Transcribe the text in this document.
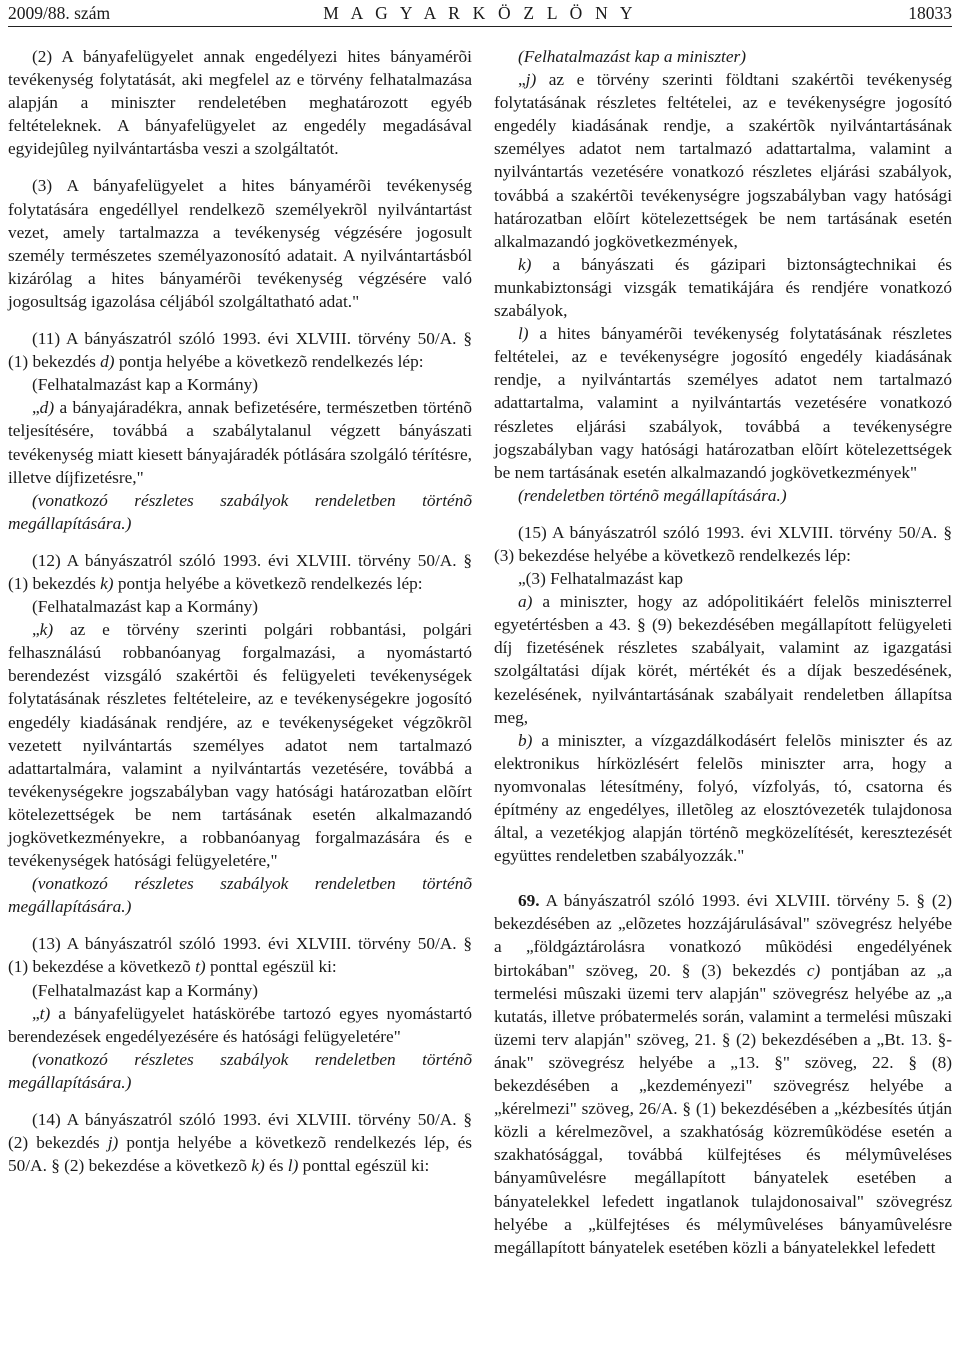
2009/88. szám	M A G Y A R K Ö Z L Ö N Y	18033

(2) A bányafelügyelet annak engedélyezi hites bányamérõi tevékenység folytatását, aki megfelel az e törvény felhatalmazása alapján a miniszter rendeletében meghatározott egyéb feltételeknek. A bányafelügyelet az engedély megadásával egyidejûleg nyilvántartásba veszi a szolgáltatót.

(3) A bányafelügyelet a hites bányamérõi tevékenység folytatására engedéllyel rendelkezõ személyekrõl nyilvántartást vezet, amely tartalmazza a tevékenység végzésére jogosult személy természetes személyazonosító adatait. A nyilvántartásból kizárólag a hites bányamérõi tevékenység végzésére való jogosultság igazolása céljából szolgáltatható adat."

(11) A bányászatról szóló 1993. évi XLVIII. törvény 50/A. § (1) bekezdés d) pontja helyébe a következõ rendelkezés lép:

(Felhatalmazást kap a Kormány)

„d) a bányajáradékra, annak befizetésére, természetben történõ teljesítésére, továbbá a szabálytalanul végzett bányászati tevékenység miatt kiesett bányajáradék pótlására szolgáló térítésre, illetve díjfizetésre,"

(vonatkozó részletes szabályok rendeletben történõ megállapítására.)

(12) A bányászatról szóló 1993. évi XLVIII. törvény 50/A. § (1) bekezdés k) pontja helyébe a következõ rendelkezés lép:

(Felhatalmazást kap a Kormány)

„k) az e törvény szerinti polgári robbantási, polgári felhasználású robbanóanyag forgalmazási, a nyomástartó berendezést vizsgáló szakértõi és felügyeleti tevékenységek folytatásának részletes feltételeire, az e tevékenységekre jogosító engedély kiadásának rendjére, az e tevékenységeket végzõkrõl vezetett nyilvántartás személyes adatot nem tartalmazó adattartalmára, valamint a nyilvántartás vezetésére, továbbá a tevékenységekre jogszabályban vagy hatósági határozatban elõírt kötelezettségek be nem tartásának esetén alkalmazandó jogkövetkezményekre, a robbanóanyag forgalmazására és e tevékenységek hatósági felügyeletére,"

(vonatkozó részletes szabályok rendeletben történõ megállapítására.)

(13) A bányászatról szóló 1993. évi XLVIII. törvény 50/A. § (1) bekezdése a következõ t) ponttal egészül ki:

(Felhatalmazást kap a Kormány)

„t) a bányafelügyelet hatáskörébe tartozó egyes nyomástartó berendezések engedélyezésére és hatósági felügyeletére"

(vonatkozó részletes szabályok rendeletben történõ megállapítására.)

(14) A bányászatról szóló 1993. évi XLVIII. törvény 50/A. § (2) bekezdés j) pontja helyébe a következõ rendelkezés lép, és 50/A. § (2) bekezdése a következõ k) és l) ponttal egészül ki:

(Felhatalmazást kap a miniszter)

„j) az e törvény szerinti földtani szakértõi tevékenység folytatásának részletes feltételei, az e tevékenységre jogosító engedély kiadásának rendje, a szakértõk nyilvántartásának személyes adatot nem tartalmazó adattartalma, valamint a nyilvántartás vezetésére vonatkozó részletes eljárási szabályok, továbbá a szakértõi tevékenységre jogszabályban vagy hatósági határozatban elõírt kötelezettségek be nem tartásának esetén alkalmazandó jogkövetkezmények,

k) a bányászati és gázipari biztonságtechnikai és munkabiztonsági vizsgák tematikájára és rendjére vonatkozó szabályok,

l) a hites bányamérõi tevékenység folytatásának részletes feltételei, az e tevékenységre jogosító engedély kiadásának rendje, a nyilvántartás személyes adatot nem tartalmazó adattartalma, valamint a nyilvántartás vezetésére vonatkozó részletes eljárási szabályok, továbbá a tevékenységre jogszabályban vagy hatósági határozatban elõírt kötelezettségek be nem tartásának esetén alkalmazandó jogkövetkezmények"

(rendeletben történõ megállapítására.)

(15) A bányászatról szóló 1993. évi XLVIII. törvény 50/A. § (3) bekezdése helyébe a következõ rendelkezés lép:

„(3) Felhatalmazást kap

a) a miniszter, hogy az adópolitikáért felelõs miniszterrel egyetértésben a 43. § (9) bekezdésében megállapított felügyeleti díj fizetésének részletes szabályait, valamint az igazgatási szolgáltatási díjak körét, mértékét és a díjak beszedésének, kezelésének, nyilvántartásának szabályait rendeletben állapítsa meg,

b) a miniszter, a vízgazdálkodásért felelõs miniszter és az elektronikus hírközlésért felelõs miniszter arra, hogy a nyomvonalas létesítmény, folyó, vízfolyás, tó, csatorna és építmény az engedélyes, illetõleg az elosztóvezeték tulajdonosa által, a vezetékjog alapján történõ megközelítését, keresztezését együttes rendeletben szabályozzák."

69. A bányászatról szóló 1993. évi XLVIII. törvény 5. § (2) bekezdésében az „elõzetes hozzájárulásával" szövegrész helyébe a „földgáztárolásra vonatkozó mûködési engedélyének birtokában" szöveg, 20. § (3) bekezdés c) pontjában az „a termelési mûszaki üzemi terv alapján" szövegrész helyébe az „a kutatás, illetve próbatermelés során, valamint a termelési mûszaki üzemi terv alapján" szöveg, 21. § (2) bekezdésében a „Bt. 13. §-ának" szövegrész helyébe a „13. §" szöveg, 22. § (8) bekezdésében a „kezdeményezi" szövegrész helyébe a „kérelmezi" szöveg, 26/A. § (1) bekezdésében a „kézbesítés útján közli a kérelmezõvel, a szakhatóság közremûködése esetén a szakhatósággal, továbbá külfejtéses és mélymûveléses bányamûvelésre megállapított bányatelek esetében a bányatelekkel lefedett ingatlanok tulajdonosaival" szövegrész helyébe a „külfejtéses és mélymûveléses bányamûvelésre megállapított bányatelek esetében közli a bányatelekkel lefedett
